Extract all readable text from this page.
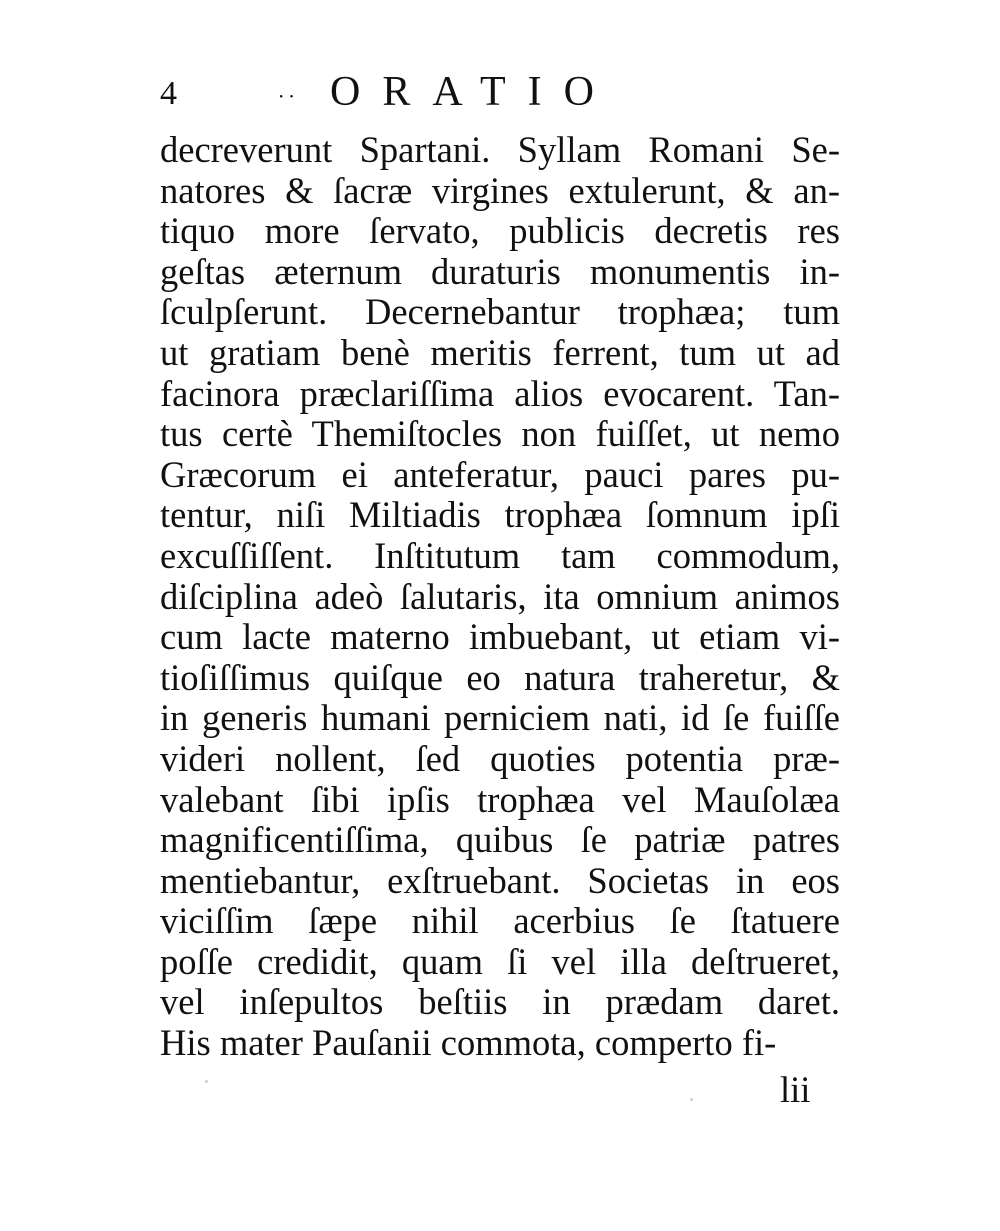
4	·· ORATIO
decreverunt Spartani. Syllam Romani Se-
natores & ſacræ virgines extulerunt, & an-
tiquo more ſervato, publicis decretis res
geſtas æternum duraturis monumentis in-
ſculpſerunt. Decernebantur trophæa; tum
ut gratiam benè meritis ferrent, tum ut ad
facinora præclariſſima alios evocarent. Tan-
tus certè Themiſtocles non fuiſſet, ut nemo
Græcorum ei anteferatur, pauci pares pu-
tentur, niſi Miltiadis trophæa ſomnum ipſi
excuſſiſſent. Inſtitutum tam commodum,
diſciplina adeò ſalutaris, ita omnium animos
cum lacte materno imbuebant, ut etiam vi-
tioſiſſimus quiſque eo natura traheretur, &
in generis humani perniciem nati, id ſe fuiſſe
videri nollent, ſed quoties potentia præ-
valebant ſibi ipſis trophæa vel Mauſolæa
magnificentiſſima, quibus ſe patriæ patres
mentiebantur, exſtruebant. Societas in eos
viciſſim ſæpe nihil acerbius ſe ſtatuere
poſſe credidit, quam ſi vel illa deſtrueret,
vel inſepultos beſtiis in prædam daret.
His mater Pauſanii commota, comperto fi-
lii
